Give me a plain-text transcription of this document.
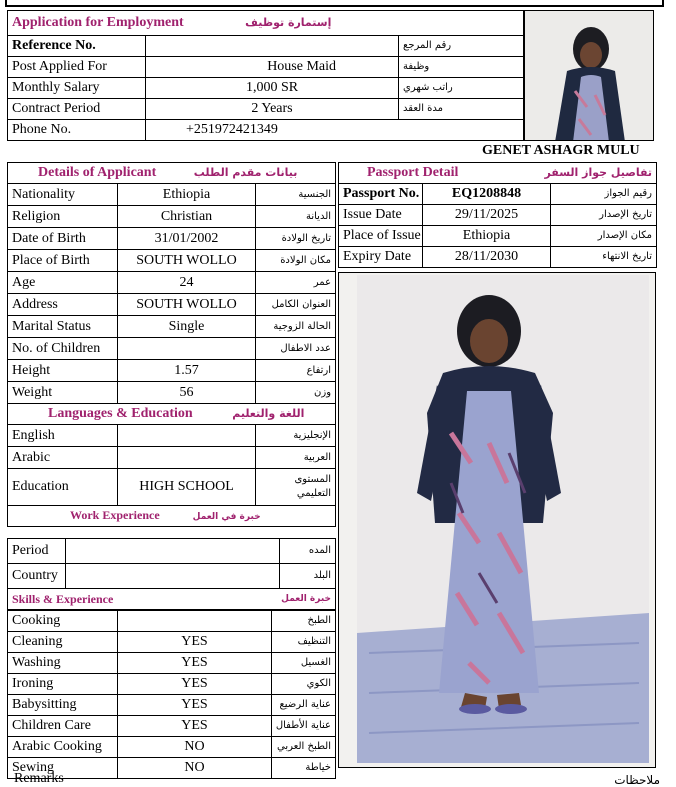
Application for Employment إستمارة توظيف		
Reference No.		رقم المرجع
Post Applied For	House Maid	وظيفة
Monthly Salary	1,000 SR	راتب شهري
Contract Period	2 Years	مدة العقد
Phone No.	+251972421349	
GENET ASHAGR MULU
Details of Applicant بيانات مقدم الطلب		
Nationality	Ethiopia	الجنسية
Religion	Christian	الديانة
Date of Birth	31/01/2002	تاريخ الولادة
Place of Birth	SOUTH WOLLO	مكان الولادة
Age	24	عمر
Address	SOUTH WOLLO	العنوان الكامل
Marital Status	Single	الحالة الزوجية
No. of Children		عدد الاطفال
Height	1.57	ارتفاع
Weight	56	وزن
Languages & Education اللغة والتعليم		
English		الإنجليزية
Arabic		العربية
Education	HIGH SCHOOL	المستوى
التعليمي
Work Experience خبرة في العمل		
Period		المده
Country		البلد
Skills & Experience خبرة العمل		
Cooking		الطبخ
Cleaning	YES	التنظيف
Washing	YES	الغسيل
Ironing	YES	الكوي
Babysitting	YES	عناية الرضيع
Children Care	YES	عناية الأطفال
Arabic Cooking	NO	الطبخ العربي
Sewing	NO	خياطة
Passport Detail تفاصيل جواز السفر		

Passport No.	EQ1208848	رقيم الجواز
Issue Date	29/11/2025	تاريخ الإصدار
Place of Issue	Ethiopia	مكان الإصدار
Expiry Date	28/11/2030	تاريخ الانتهاء
Remarks	ملاحظات
